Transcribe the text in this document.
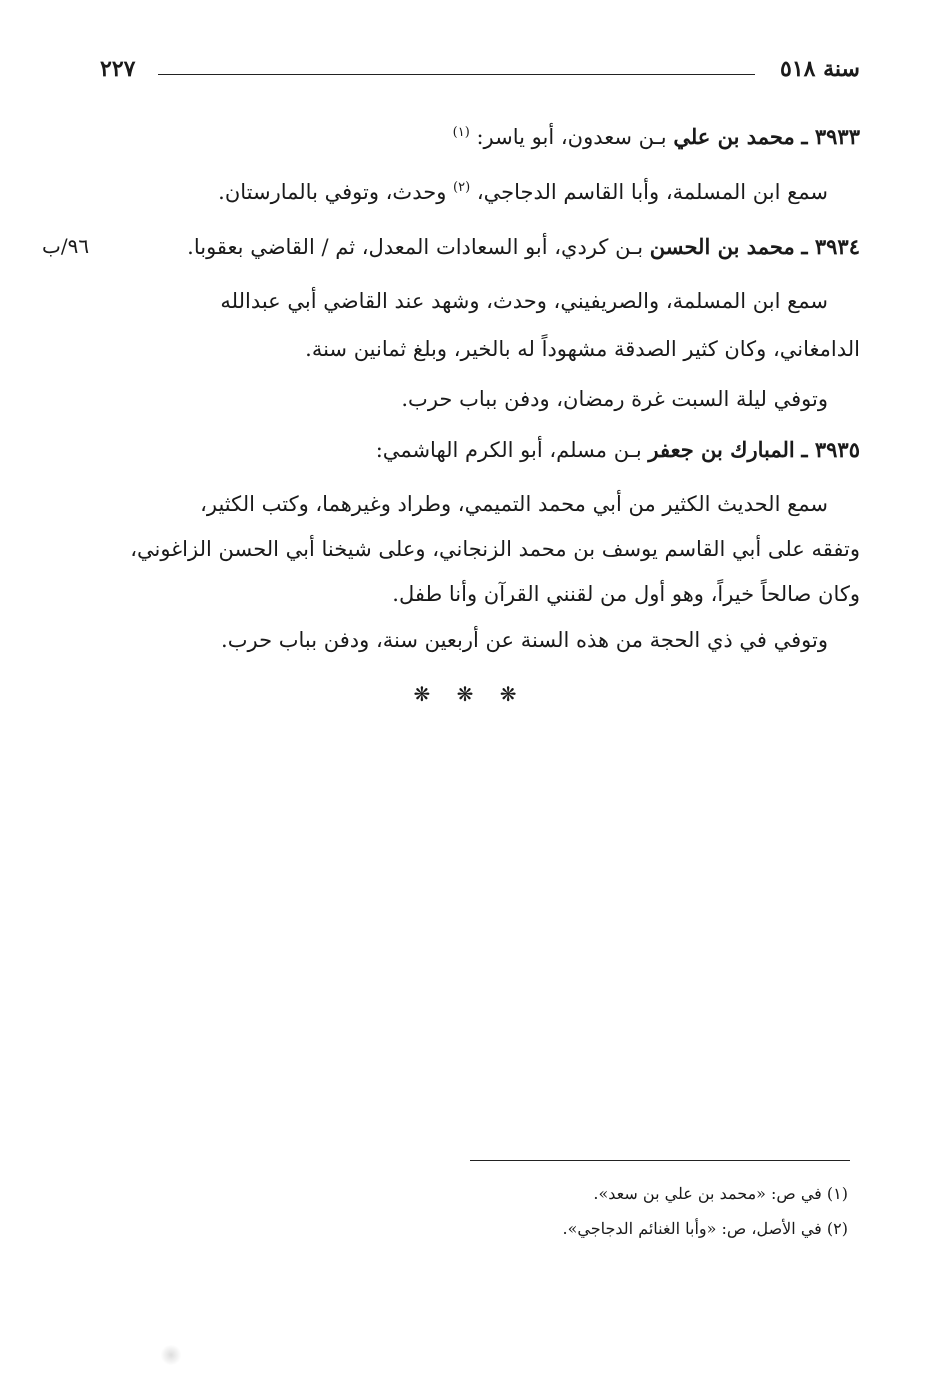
سنة ٥١٨
٢٢٧
٣٩٣٣ ـ محمد بن علي بـن سعدون، أبو ياسر: $^{(١)}$
سمع ابن المسلمة، وأبا القاسم الدجاجي، $^{(٢)}$ وحدث، وتوفي بالمارستان.
٣٩٣٤ ـ محمد بن الحسن بـن كردي، أبو السعادات المعدل، ثم / القاضي بعقوبا.
٩٦/ب
سمع ابن المسلمة، والصريفيني، وحدث، وشهد عند القاضي أبي عبدالله
الدامغاني، وكان كثير الصدقة مشهوداً له بالخير، وبلغ ثمانين سنة.
وتوفي ليلة السبت غرة رمضان، ودفن بباب حرب.
٣٩٣٥ ـ المبارك بن جعفر بـن مسلم، أبو الكرم الهاشمي:
سمع الحديث الكثير من أبي محمد التميمي، وطراد وغيرهما، وكتب الكثير،
وتفقه على أبي القاسم يوسف بن محمد الزنجاني، وعلى شيخنا أبي الحسن الزاغوني،
وكان صالحاً خيراً، وهو أول من لقنني القرآن وأنا طفل.
وتوفي في ذي الحجة من هذه السنة عن أربعين سنة، ودفن بباب حرب.
❋ ❋ ❋
(١) في ص: «محمد بن علي بن سعد».
(٢) في الأصل، ص: «وأبا الغنائم الدجاجي».
